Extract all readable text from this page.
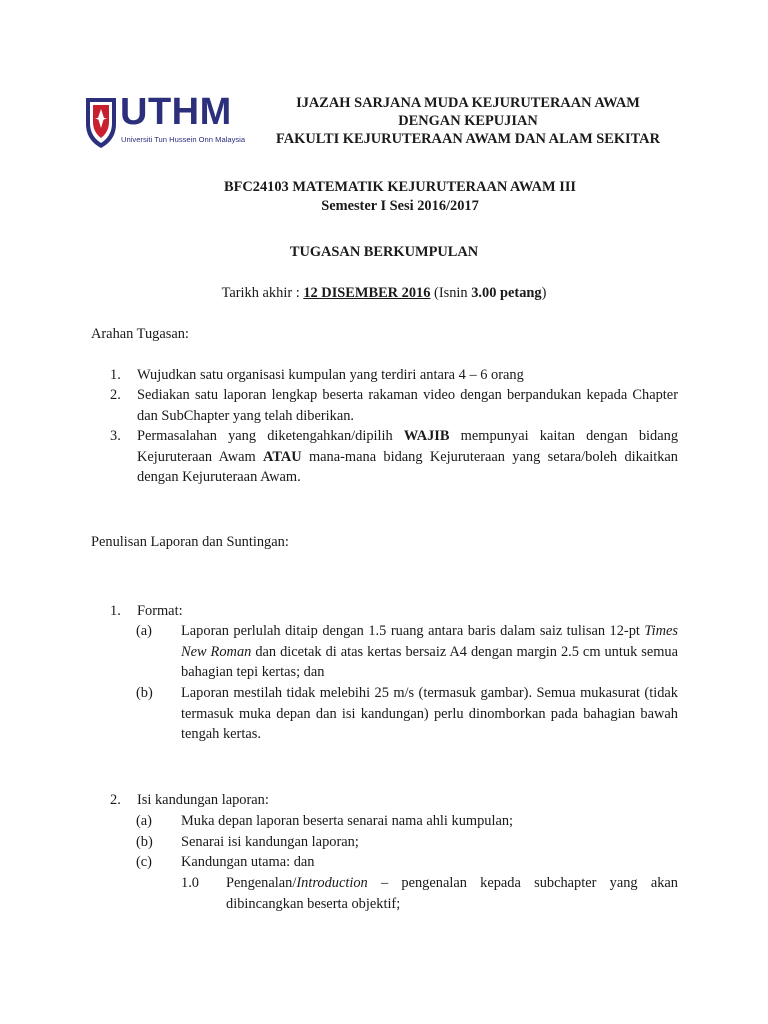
UTHM
Universiti Tun Hussein Onn Malaysia
IJAZAH SARJANA MUDA KEJURUTERAAN AWAM
DENGAN KEPUJIAN
FAKULTI KEJURUTERAAN AWAM DAN ALAM SEKITAR
BFC24103 MATEMATIK KEJURUTERAAN AWAM III
Semester I Sesi 2016/2017
TUGASAN BERKUMPULAN
Tarikh akhir : 12 DISEMBER 2016 (Isnin 3.00 petang)
Arahan Tugasan:
1.	Wujudkan satu organisasi kumpulan yang terdiri antara 4 – 6 orang
2.	Sediakan satu laporan lengkap beserta rakaman video dengan berpandukan kepada Chapter dan SubChapter yang telah diberikan.
3.	Permasalahan yang diketengahkan/dipilih WAJIB mempunyai kaitan dengan bidang Kejuruteraan Awam ATAU mana-mana bidang Kejuruteraan yang setara/boleh dikaitkan dengan Kejuruteraan Awam.
Penulisan Laporan dan Suntingan:
1.	Format:
(a) Laporan perlulah ditaip dengan 1.5 ruang antara baris dalam saiz tulisan 12-pt Times New Roman dan dicetak di atas kertas bersaiz A4 dengan margin 2.5 cm untuk semua bahagian tepi kertas; dan
(b) Laporan mestilah tidak melebihi 25 m/s (termasuk gambar). Semua mukasurat (tidak termasuk muka depan dan isi kandungan) perlu dinomborkan pada bahagian bawah tengah kertas.
2.	Isi kandungan laporan:
(a) Muka depan laporan beserta senarai nama ahli kumpulan;
(b) Senarai isi kandungan laporan;
(c) Kandungan utama: dan
1.0 Pengenalan/Introduction – pengenalan kepada subchapter yang akan dibincangkan beserta objektif;
